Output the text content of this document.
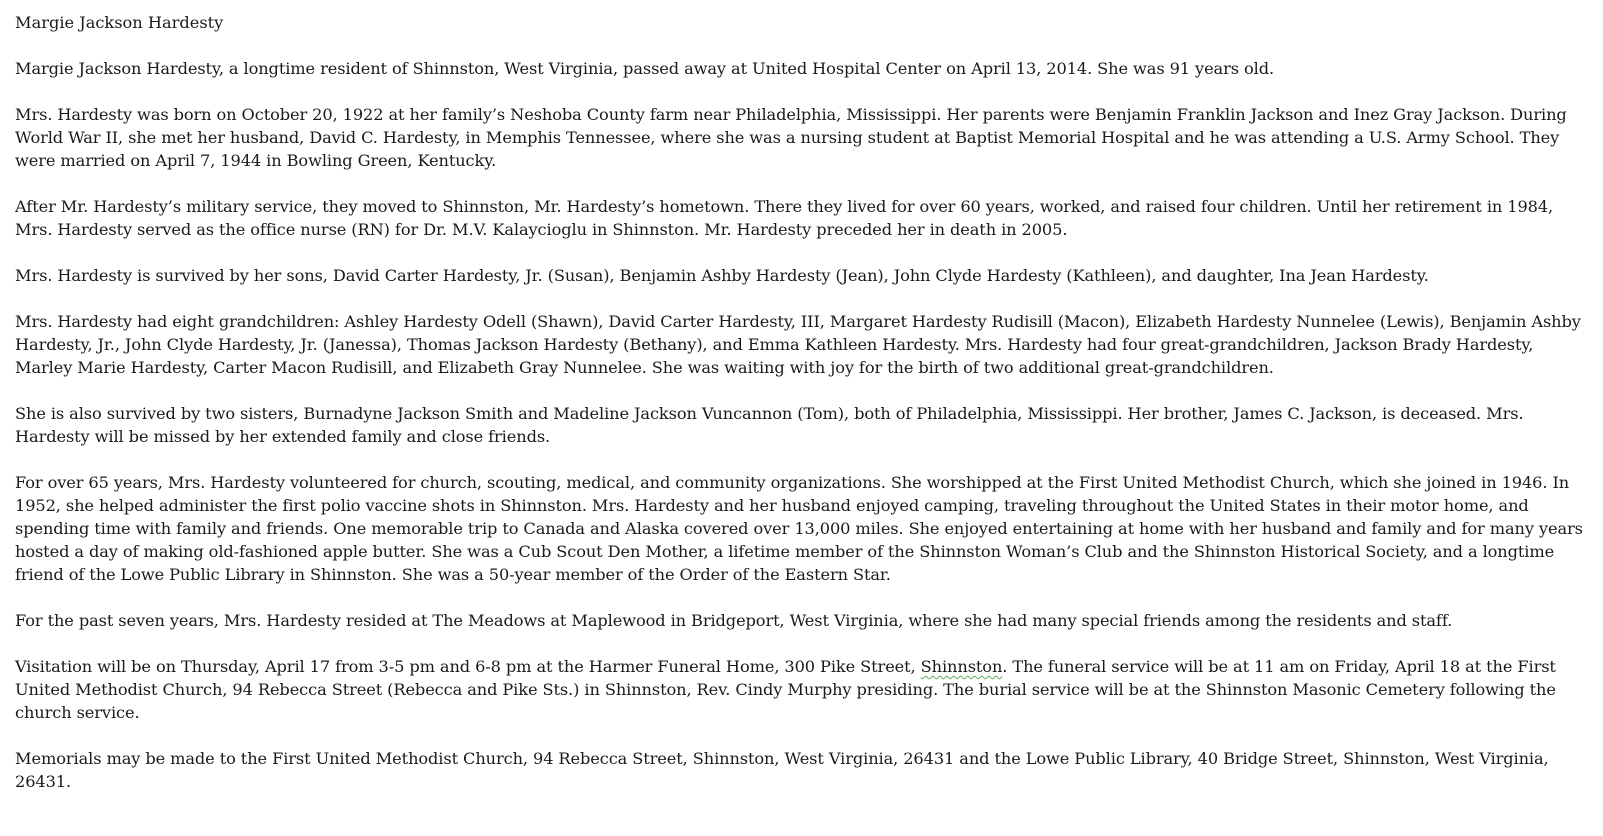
Margie Jackson Hardesty

Margie Jackson Hardesty, a longtime resident of Shinnston, West Virginia, passed away at United Hospital Center on April 13, 2014. She was 91 years old.

Mrs. Hardesty was born on October 20, 1922 at her family’s Neshoba County farm near Philadelphia, Mississippi. Her parents were Benjamin Franklin Jackson and Inez Gray Jackson. During World War II, she met her husband, David C. Hardesty, in Memphis Tennessee, where she was a nursing student at Baptist Memorial Hospital and he was attending a U.S. Army School. They were married on April 7, 1944 in Bowling Green, Kentucky.

After Mr. Hardesty’s military service, they moved to Shinnston, Mr. Hardesty’s hometown. There they lived for over 60 years, worked, and raised four children. Until her retirement in 1984, Mrs. Hardesty served as the office nurse (RN) for Dr. M.V. Kalaycioglu in Shinnston. Mr. Hardesty preceded her in death in 2005.

Mrs. Hardesty is survived by her sons, David Carter Hardesty, Jr. (Susan), Benjamin Ashby Hardesty (Jean), John Clyde Hardesty (Kathleen), and daughter, Ina Jean Hardesty.

Mrs. Hardesty had eight grandchildren: Ashley Hardesty Odell (Shawn), David Carter Hardesty, III, Margaret Hardesty Rudisill (Macon), Elizabeth Hardesty Nunnelee (Lewis), Benjamin Ashby Hardesty, Jr., John Clyde Hardesty, Jr. (Janessa), Thomas Jackson Hardesty (Bethany), and Emma Kathleen Hardesty. Mrs. Hardesty had four great-grandchildren, Jackson Brady Hardesty, Marley Marie Hardesty, Carter Macon Rudisill, and Elizabeth Gray Nunnelee. She was waiting with joy for the birth of two additional great-grandchildren.

She is also survived by two sisters, Burnadyne Jackson Smith and Madeline Jackson Vuncannon (Tom), both of Philadelphia, Mississippi. Her brother, James C. Jackson, is deceased. Mrs. Hardesty will be missed by her extended family and close friends.

For over 65 years, Mrs. Hardesty volunteered for church, scouting, medical, and community organizations. She worshipped at the First United Methodist Church, which she joined in 1946. In 1952, she helped administer the first polio vaccine shots in Shinnston. Mrs. Hardesty and her husband enjoyed camping, traveling throughout the United States in their motor home, and spending time with family and friends. One memorable trip to Canada and Alaska covered over 13,000 miles. She enjoyed entertaining at home with her husband and family and for many years hosted a day of making old-fashioned apple butter. She was a Cub Scout Den Mother, a lifetime member of the Shinnston Woman’s Club and the Shinnston Historical Society, and a longtime friend of the Lowe Public Library in Shinnston. She was a 50-year member of the Order of the Eastern Star.

For the past seven years, Mrs. Hardesty resided at The Meadows at Maplewood in Bridgeport, West Virginia, where she had many special friends among the residents and staff.

Visitation will be on Thursday, April 17 from 3-5 pm and 6-8 pm at the Harmer Funeral Home, 300 Pike Street, Shinnston. The funeral service will be at 11 am on Friday, April 18 at the First United Methodist Church, 94 Rebecca Street (Rebecca and Pike Sts.) in Shinnston, Rev. Cindy Murphy presiding. The burial service will be at the Shinnston Masonic Cemetery following the church service.

Memorials may be made to the First United Methodist Church, 94 Rebecca Street, Shinnston, West Virginia, 26431 and the Lowe Public Library, 40 Bridge Street, Shinnston, West Virginia, 26431.
